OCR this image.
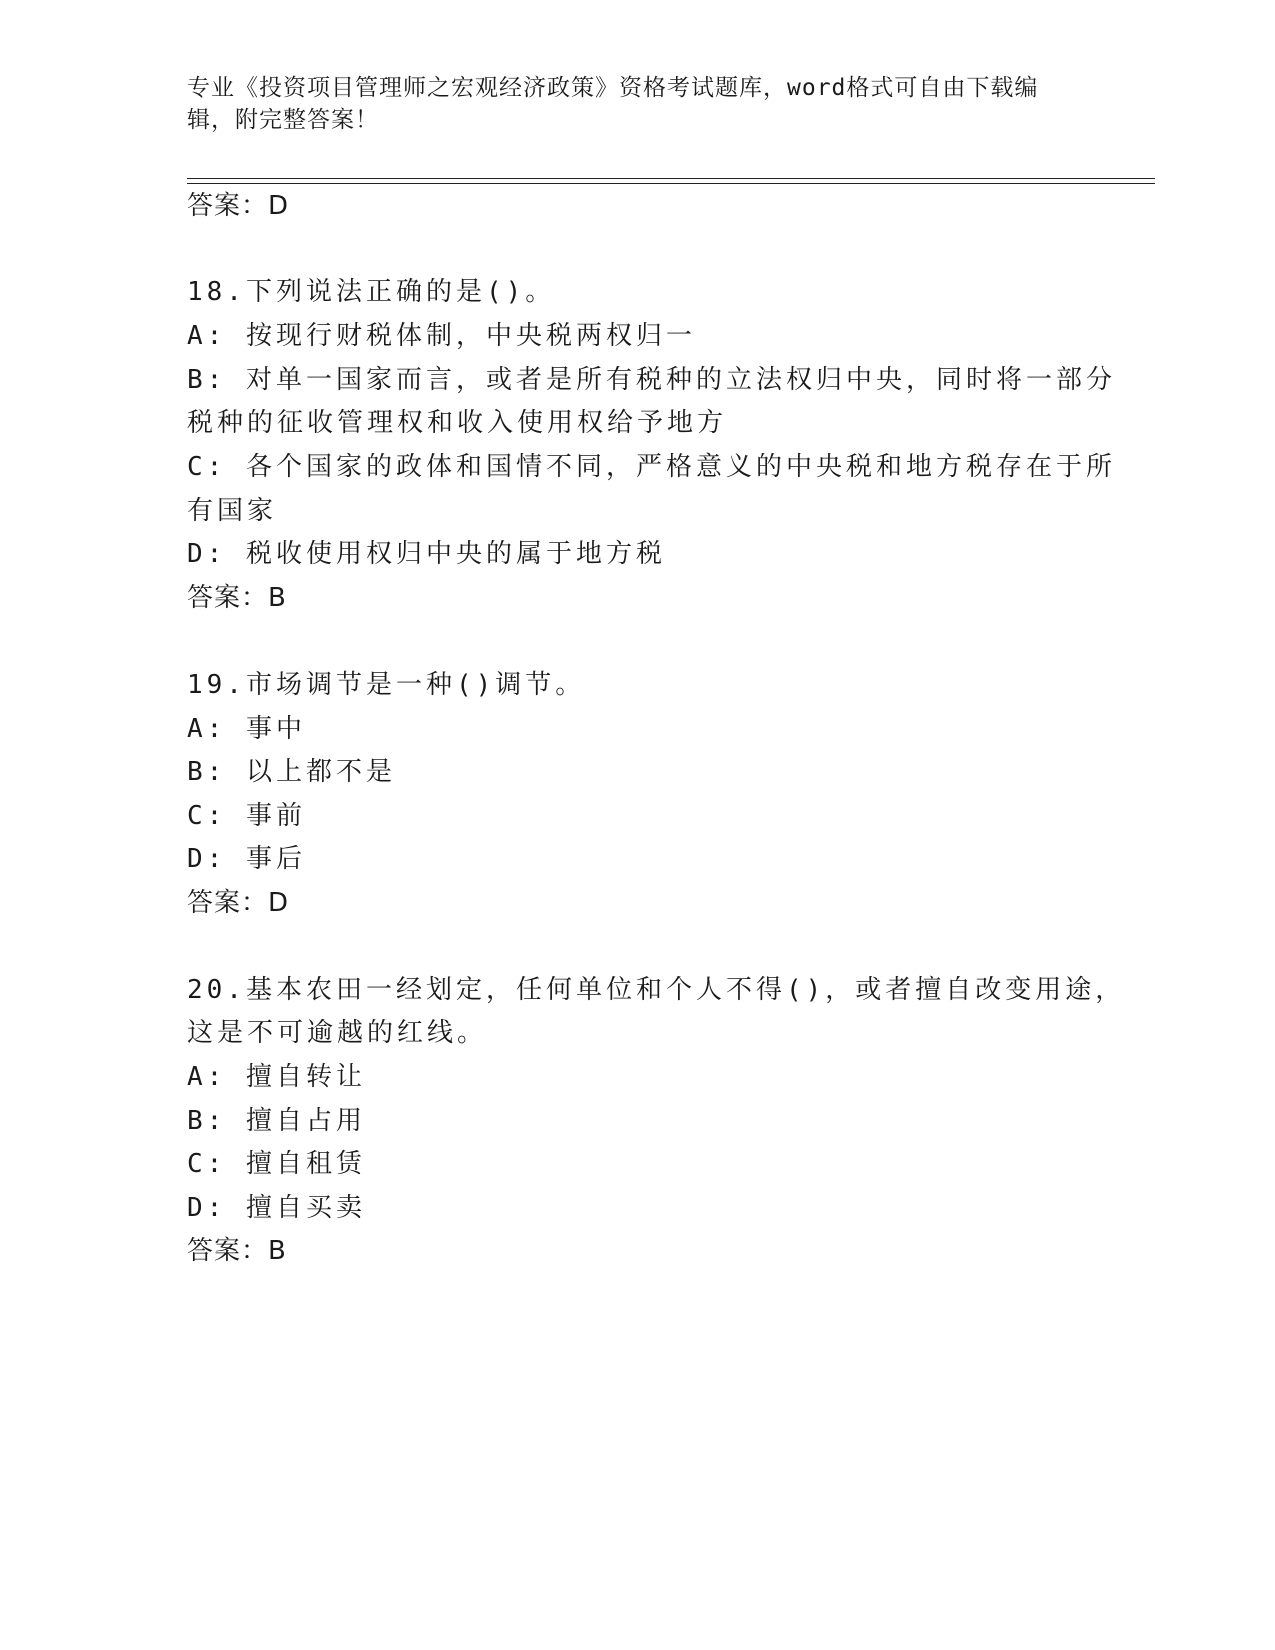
专业《投资项目管理师之宏观经济政策》资格考试题库，word格式可自由下载编
辑，附完整答案！
答案：D
18.下列说法正确的是()。
A: 按现行财税体制，中央税两权归一
B: 对单一国家而言，或者是所有税种的立法权归中央，同时将一部分
税种的征收管理权和收入使用权给予地方
C: 各个国家的政体和国情不同，严格意义的中央税和地方税存在于所
有国家
D: 税收使用权归中央的属于地方税
答案：B
19.市场调节是一种()调节。
A: 事中
B: 以上都不是
C: 事前
D: 事后
答案：D
20.基本农田一经划定，任何单位和个人不得()，或者擅自改变用途，
这是不可逾越的红线。
A: 擅自转让
B: 擅自占用
C: 擅自租赁
D: 擅自买卖
答案：B
